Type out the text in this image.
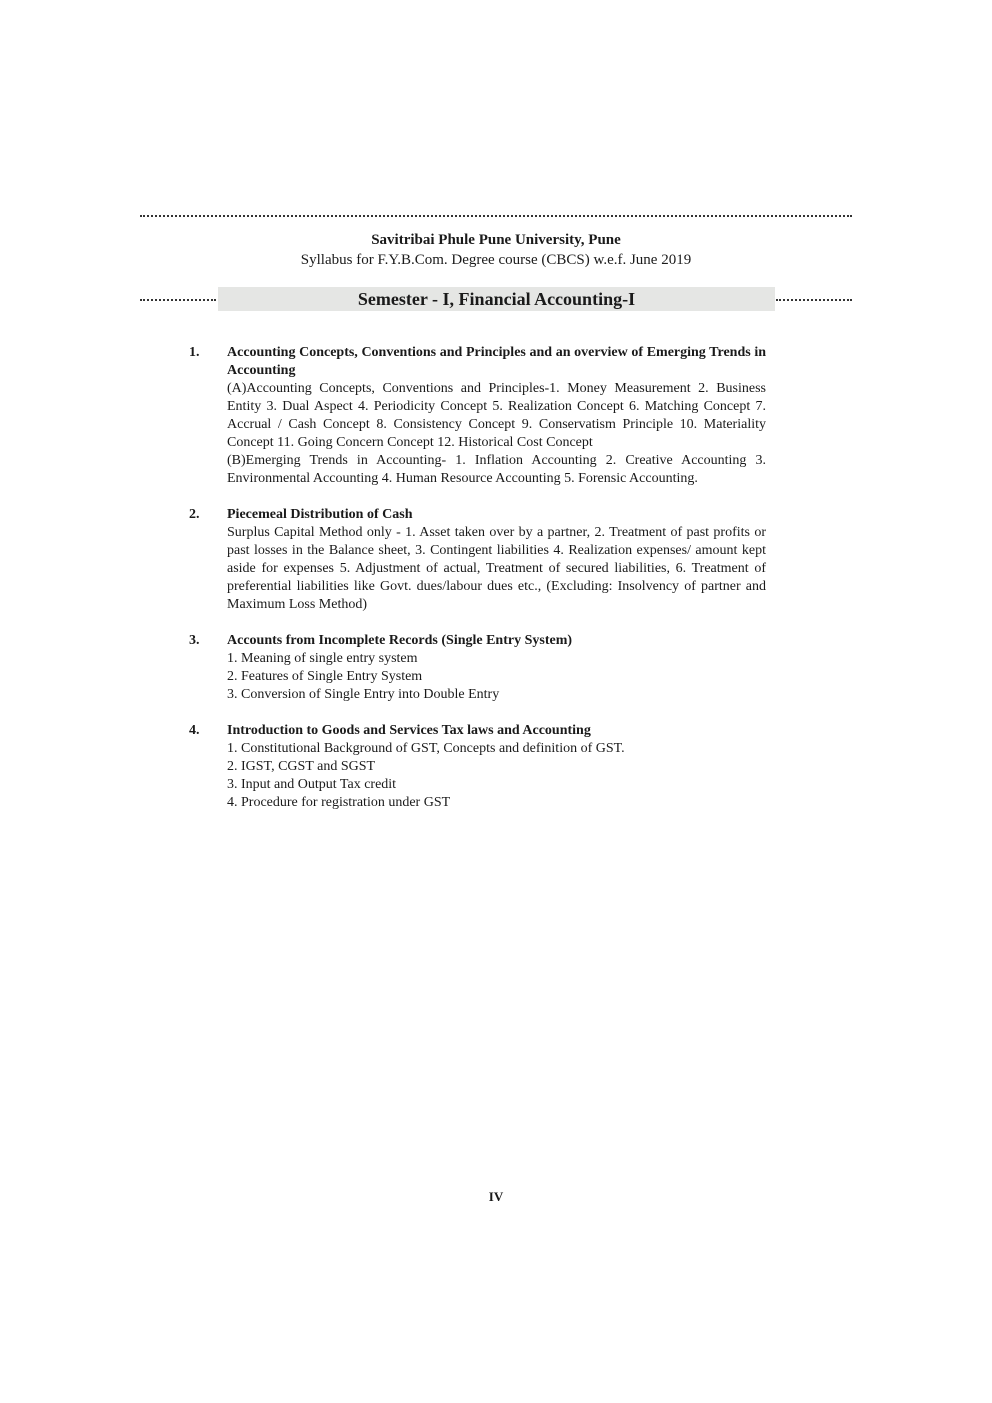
Savitribai Phule Pune University, Pune
Syllabus for F.Y.B.Com. Degree course (CBCS) w.e.f. June 2019
Semester - I, Financial Accounting-I
1.	Accounting Concepts, Conventions and Principles and an overview of Emerging Trends in Accounting
(A)Accounting Concepts, Conventions and Principles-1. Money Measurement 2. Business Entity 3. Dual Aspect 4. Periodicity Concept 5. Realization Concept 6. Matching Concept 7. Accrual / Cash Concept 8. Consistency Concept 9. Conservatism Principle 10. Materiality Concept 11. Going Concern Concept 12. Historical Cost Concept
(B)Emerging Trends in Accounting- 1. Inflation Accounting 2. Creative Accounting 3. Environmental Accounting 4. Human Resource Accounting 5. Forensic Accounting.
2.	Piecemeal Distribution of Cash
Surplus Capital Method only - 1. Asset taken over by a partner, 2. Treatment of past profits or past losses in the Balance sheet, 3. Contingent liabilities 4. Realization expenses/ amount kept aside for expenses 5. Adjustment of actual, Treatment of secured liabilities, 6. Treatment of preferential liabilities like Govt. dues/labour dues etc., (Excluding: Insolvency of partner and Maximum Loss Method)
3.	Accounts from Incomplete Records (Single Entry System)
1. Meaning of single entry system
2. Features of Single Entry System
3. Conversion of Single Entry into Double Entry
4.	Introduction to Goods and Services Tax laws and Accounting
1. Constitutional Background of GST, Concepts and definition of GST.
2. IGST, CGST and SGST
3. Input and Output Tax credit
4. Procedure for registration under GST
IV
